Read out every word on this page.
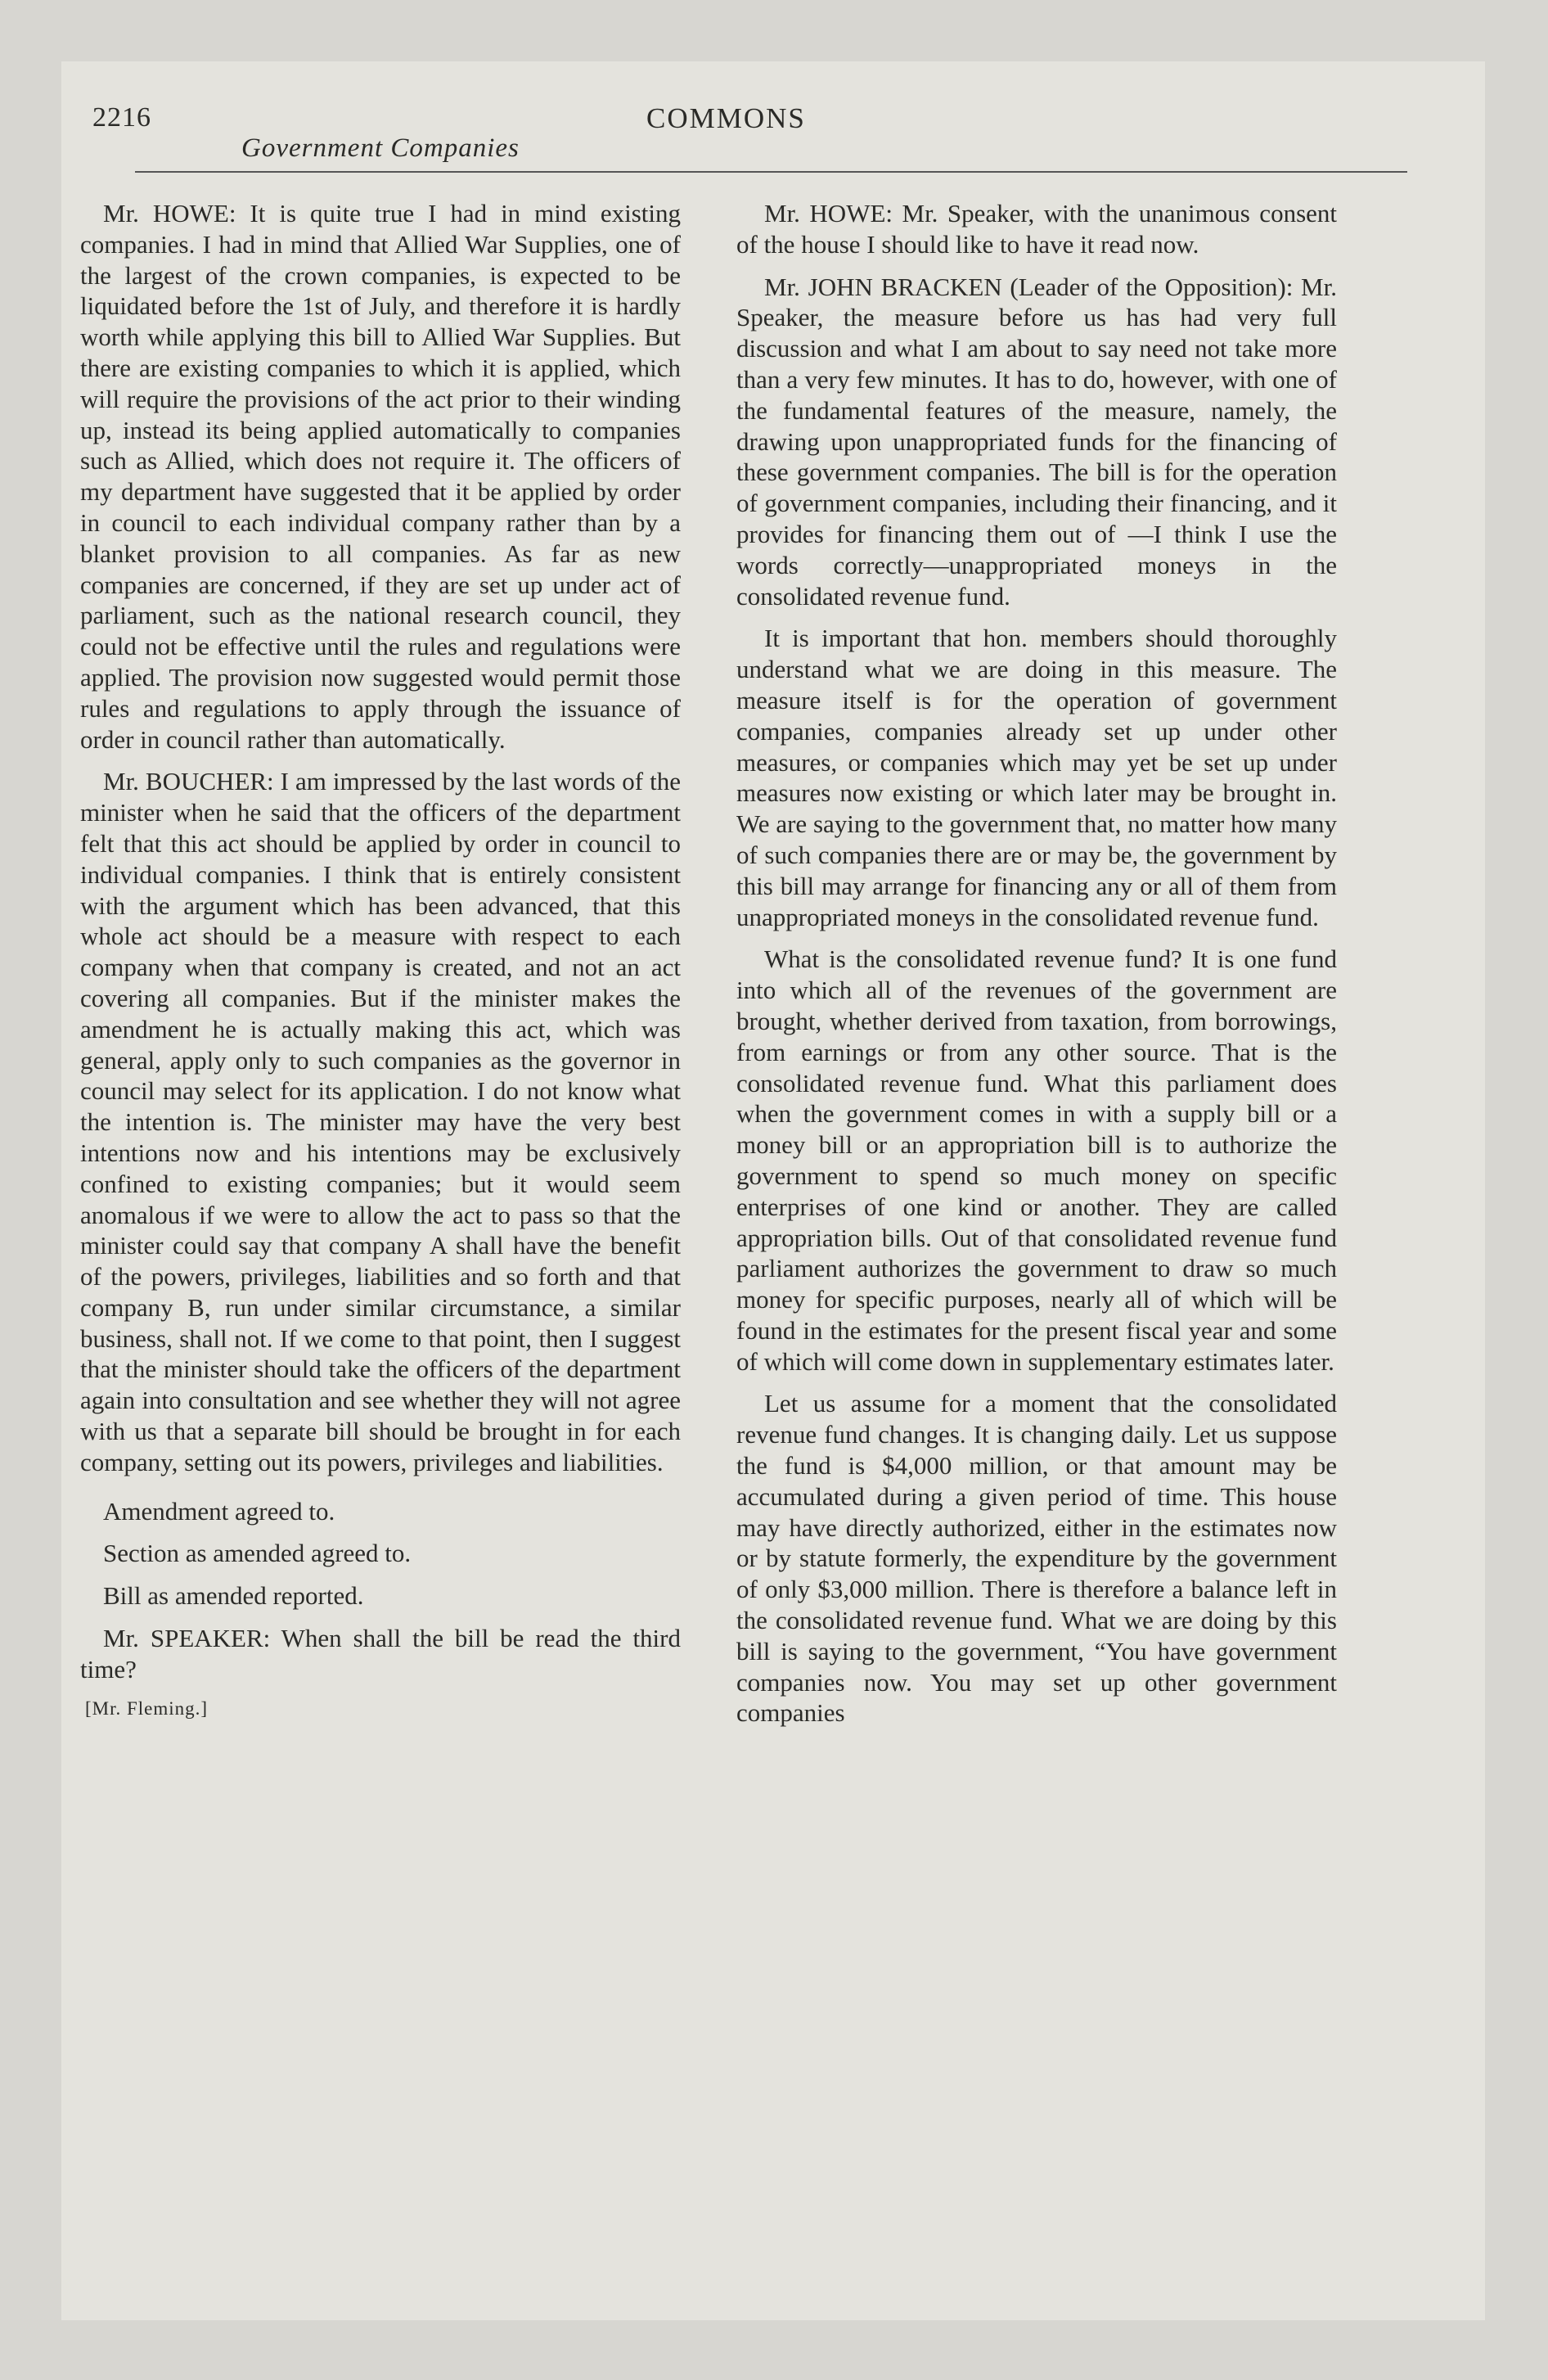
2216
Government Companies
COMMONS

Mr. HOWE: It is quite true I had in mind existing companies. I had in mind that Allied War Supplies, one of the largest of the crown companies, is expected to be liquidated before the 1st of July, and therefore it is hardly worth while applying this bill to Allied War Supplies. But there are existing companies to which it is applied, which will require the provisions of the act prior to their winding up, instead its being applied automatically to companies such as Allied, which does not require it. The officers of my department have suggested that it be applied by order in council to each individual company rather than by a blanket provision to all companies. As far as new companies are concerned, if they are set up under act of parliament, such as the national research council, they could not be effective until the rules and regulations were applied. The provision now suggested would permit those rules and regulations to apply through the issuance of order in council rather than automatically.

Mr. BOUCHER: I am impressed by the last words of the minister when he said that the officers of the department felt that this act should be applied by order in council to individual companies. I think that is entirely consistent with the argument which has been advanced, that this whole act should be a measure with respect to each company when that company is created, and not an act covering all companies. But if the minister makes the amendment he is actually making this act, which was general, apply only to such companies as the governor in council may select for its application. I do not know what the intention is. The minister may have the very best intentions now and his intentions may be exclusively confined to existing companies; but it would seem anomalous if we were to allow the act to pass so that the minister could say that company A shall have the benefit of the powers, privileges, liabilities and so forth and that company B, run under similar circumstance, a similar business, shall not. If we come to that point, then I suggest that the minister should take the officers of the department again into consultation and see whether they will not agree with us that a separate bill should be brought in for each company, setting out its powers, privileges and liabilities.

Amendment agreed to.

Section as amended agreed to.

Bill as amended reported.

Mr. SPEAKER: When shall the bill be read the third time?

[Mr. Fleming.]

Mr. HOWE: Mr. Speaker, with the unanimous consent of the house I should like to have it read now.

Mr. JOHN BRACKEN (Leader of the Opposition): Mr. Speaker, the measure before us has had very full discussion and what I am about to say need not take more than a very few minutes. It has to do, however, with one of the fundamental features of the measure, namely, the drawing upon unappropriated funds for the financing of these government companies. The bill is for the operation of government companies, including their financing, and it provides for financing them out of —I think I use the words correctly—unappropriated moneys in the consolidated revenue fund.

It is important that hon. members should thoroughly understand what we are doing in this measure. The measure itself is for the operation of government companies, companies already set up under other measures, or companies which may yet be set up under measures now existing or which later may be brought in. We are saying to the government that, no matter how many of such companies there are or may be, the government by this bill may arrange for financing any or all of them from unappropriated moneys in the consolidated revenue fund.

What is the consolidated revenue fund? It is one fund into which all of the revenues of the government are brought, whether derived from taxation, from borrowings, from earnings or from any other source. That is the consolidated revenue fund. What this parliament does when the government comes in with a supply bill or a money bill or an appropriation bill is to authorize the government to spend so much money on specific enterprises of one kind or another. They are called appropriation bills. Out of that consolidated revenue fund parliament authorizes the government to draw so much money for specific purposes, nearly all of which will be found in the estimates for the present fiscal year and some of which will come down in supplementary estimates later.

Let us assume for a moment that the consolidated revenue fund changes. It is changing daily. Let us suppose the fund is $4,000 million, or that amount may be accumulated during a given period of time. This house may have directly authorized, either in the estimates now or by statute formerly, the expenditure by the government of only $3,000 million. There is therefore a balance left in the consolidated revenue fund. What we are doing by this bill is saying to the government, “You have government companies now. You may set up other government companies
